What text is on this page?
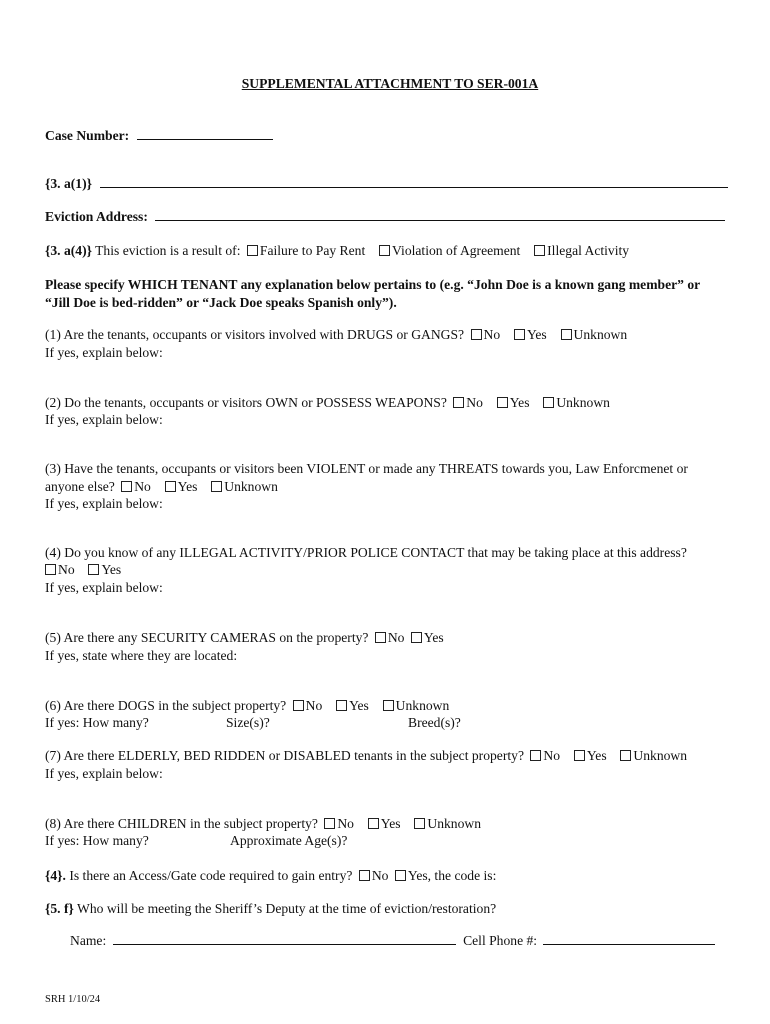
SUPPLEMENTAL ATTACHMENT TO SER-001A
Case Number:
{3. a(1)}
Eviction Address:
{3. a(4)} This eviction is a result of: Failure to Pay Rent Violation of Agreement Illegal Activity
Please specify WHICH TENANT any explanation below pertains to (e.g. “John Doe is a known gang member” or
“Jill Doe is bed-ridden” or “Jack Doe speaks Spanish only”).
(1) Are the tenants, occupants or visitors involved with DRUGS or GANGS? No Yes Unknown
If yes, explain below:
(2) Do the tenants, occupants or visitors OWN or POSSESS WEAPONS? No Yes Unknown
If yes, explain below:
(3) Have the tenants, occupants or visitors been VIOLENT or made any THREATS towards you, Law Enforcmenet or
anyone else? No Yes Unknown
If yes, explain below:
(4) Do you know of any ILLEGAL ACTIVITY/PRIOR POLICE CONTACT that may be taking place at this address?
No Yes
If yes, explain below:
(5) Are there any SECURITY CAMERAS on the property? No Yes
If yes, state where they are located:
(6) Are there DOGS in the subject property? No Yes Unknown
If yes: How many?	Size(s)?	Breed(s)?
(7) Are there ELDERLY, BED RIDDEN or DISABLED tenants in the subject property? No Yes Unknown
If yes, explain below:
(8) Are there CHILDREN in the subject property? No Yes Unknown
If yes: How many?	Approximate Age(s)?
{4}. Is there an Access/Gate code required to gain entry? No Yes, the code is:
{5. f} Who will be meeting the Sheriff’s Deputy at the time of eviction/restoration?
Name:	Cell Phone #:
SRH 1/10/24
